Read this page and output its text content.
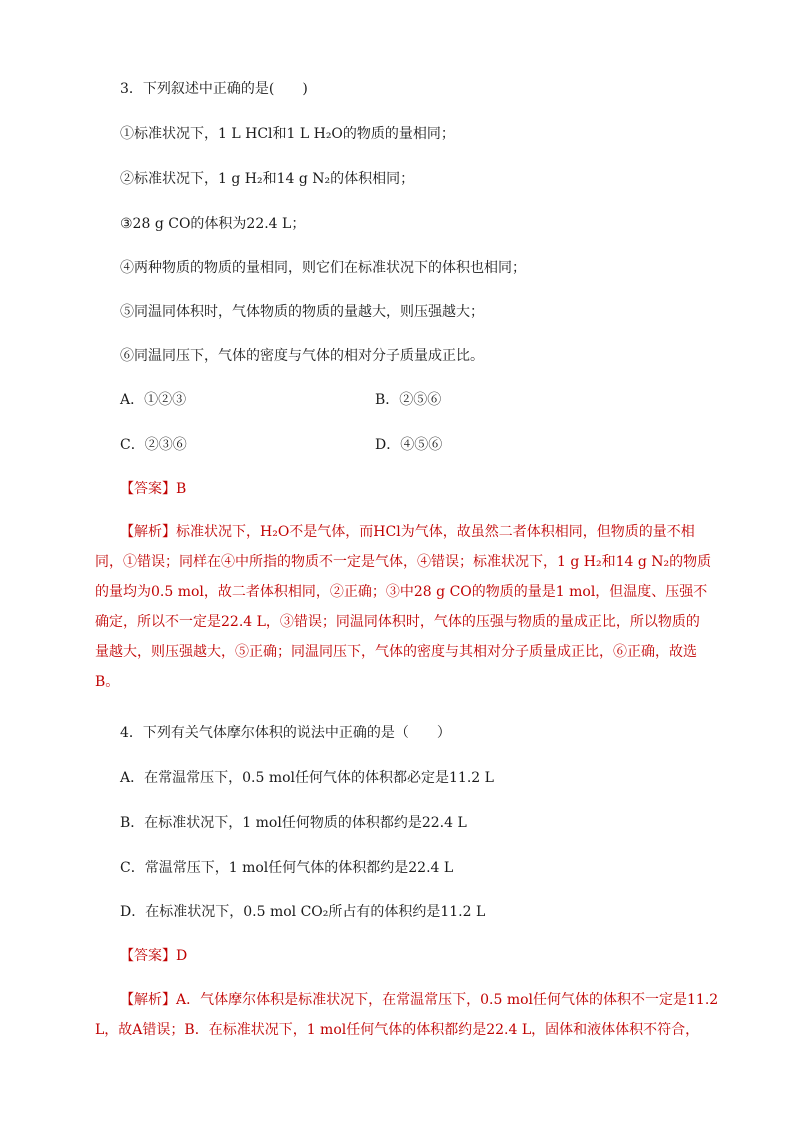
3．下列叙述中正确的是(　　)
①标准状况下，1 L HCl和1 L H₂O的物质的量相同；
②标准状况下，1 g H₂和14 g N₂的体积相同；
③28 g CO的体积为22.4 L；
④两种物质的物质的量相同，则它们在标准状况下的体积也相同；
⑤同温同体积时，气体物质的物质的量越大，则压强越大；
⑥同温同压下，气体的密度与气体的相对分子质量成正比。
A．①②③	B．②⑤⑥
C．②③⑥	D．④⑤⑥
【答案】B
【解析】标准状况下，H₂O不是气体，而HCl为气体，故虽然二者体积相同，但物质的量不相
同，①错误；同样在④中所指的物质不一定是气体，④错误；标准状况下，1 g H₂和14 g N₂的物质
的量均为0.5 mol，故二者体积相同，②正确；③中28 g CO的物质的量是1 mol，但温度、压强不
确定，所以不一定是22.4 L，③错误；同温同体积时，气体的压强与物质的量成正比，所以物质的
量越大，则压强越大，⑤正确；同温同压下，气体的密度与其相对分子质量成正比，⑥正确，故选
B。
4．下列有关气体摩尔体积的说法中正确的是（　　）
A．在常温常压下，0.5 mol任何气体的体积都必定是11.2 L
B．在标准状况下，1 mol任何物质的体积都约是22.4 L
C．常温常压下，1 mol任何气体的体积都约是22.4 L
D．在标准状况下，0.5 mol CO₂所占有的体积约是11.2 L
【答案】D
【解析】A．气体摩尔体积是标准状况下，在常温常压下，0.5 mol任何气体的体积不一定是11.2
L，故A错误；B．在标准状况下，1 mol任何气体的体积都约是22.4 L，固体和液体体积不符合，
